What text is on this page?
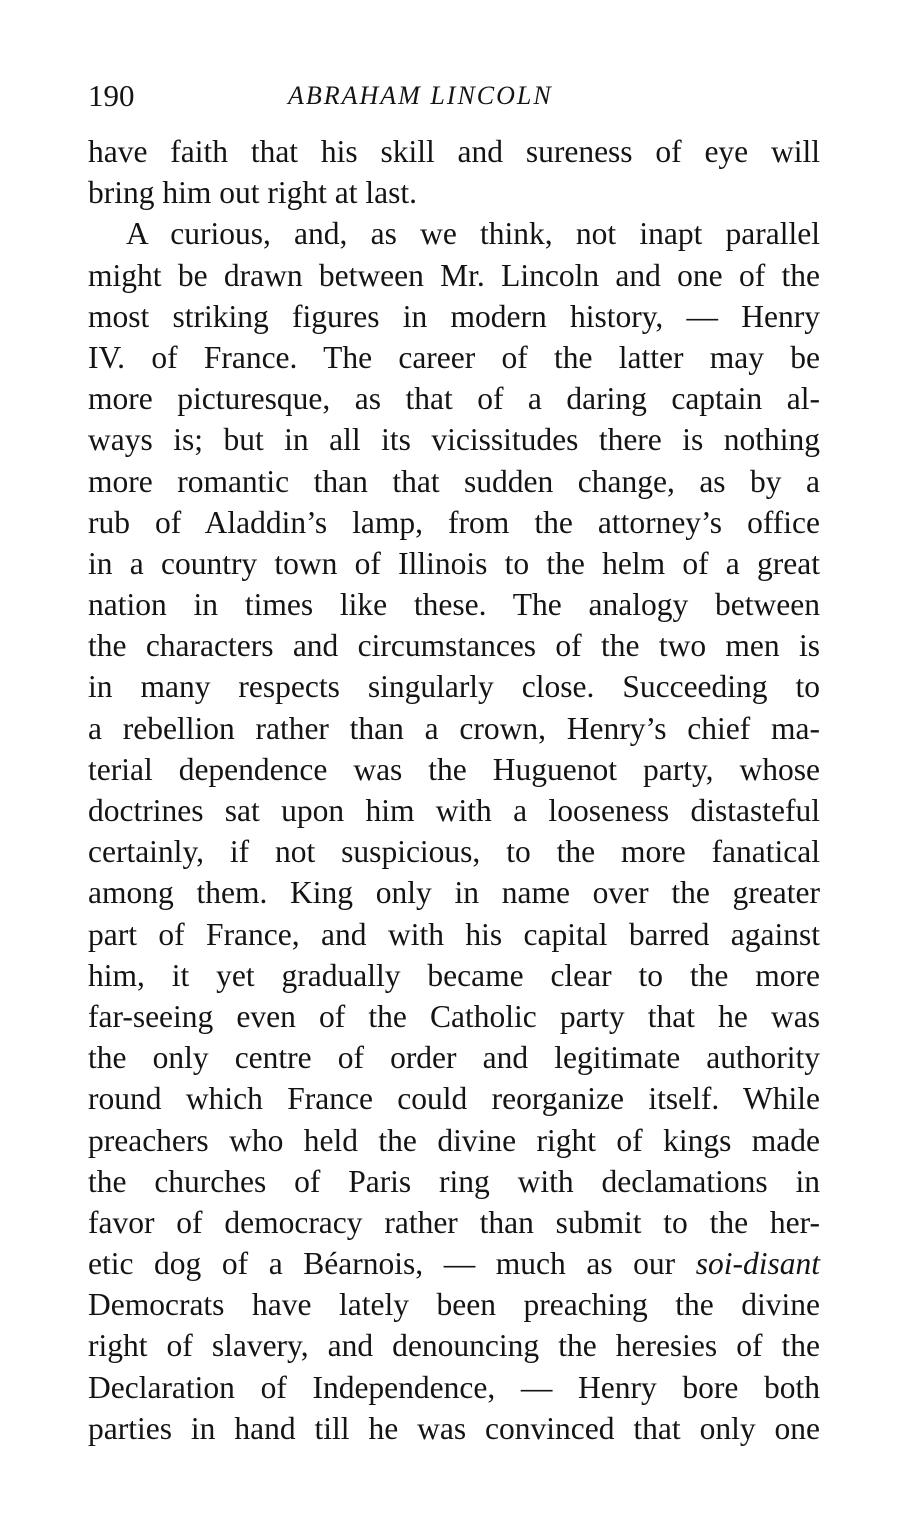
190	ABRAHAM LINCOLN
have faith that his skill and sureness of eye will
bring him out right at last.
A curious, and, as we think, not inapt parallel
might be drawn between Mr. Lincoln and one of the
most striking figures in modern history, — Henry
IV. of France. The career of the latter may be
more picturesque, as that of a daring captain al-
ways is; but in all its vicissitudes there is nothing
more romantic than that sudden change, as by a
rub of Aladdin’s lamp, from the attorney’s office
in a country town of Illinois to the helm of a great
nation in times like these. The analogy between
the characters and circumstances of the two men is
in many respects singularly close. Succeeding to
a rebellion rather than a crown, Henry’s chief ma-
terial dependence was the Huguenot party, whose
doctrines sat upon him with a looseness distasteful
certainly, if not suspicious, to the more fanatical
among them. King only in name over the greater
part of France, and with his capital barred against
him, it yet gradually became clear to the more
far-seeing even of the Catholic party that he was
the only centre of order and legitimate authority
round which France could reorganize itself. While
preachers who held the divine right of kings made
the churches of Paris ring with declamations in
favor of democracy rather than submit to the her-
etic dog of a Béarnois, — much as our soi-disant
Democrats have lately been preaching the divine
right of slavery, and denouncing the heresies of the
Declaration of Independence, — Henry bore both
parties in hand till he was convinced that only one
